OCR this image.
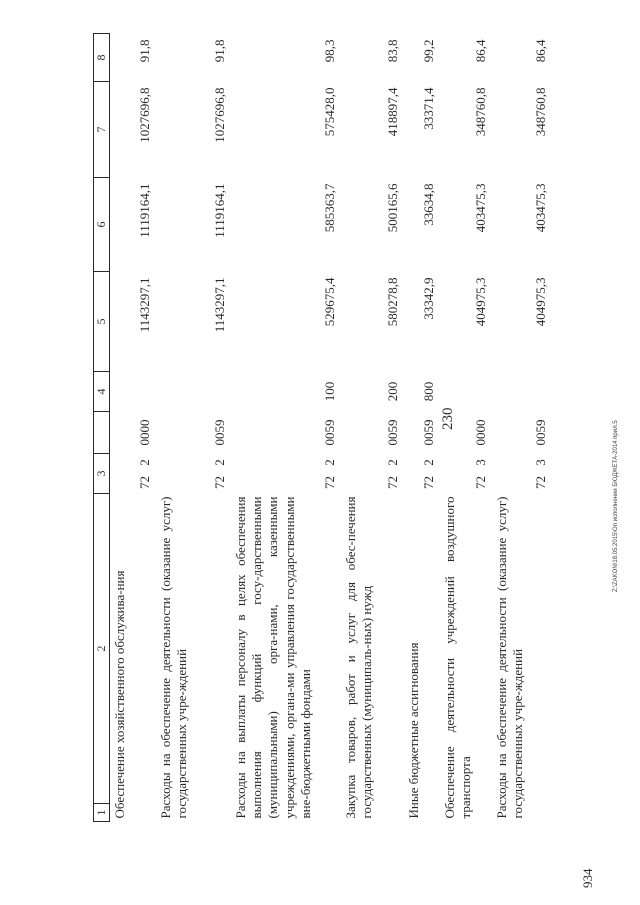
230
1	2	3			4	5	6	7	8
Обеспечение хозяйственного обслужива-ния		72	2	0000		1143297,1	1119164,1	1027696,8	91,8
Расходы на обеспечение деятельности (оказание услуг) государственных учре-ждений		72	2	0059		1143297,1	1119164,1	1027696,8	91,8
Расходы на выплаты персоналу в целях обеспечения выполнения функций госу-дарственными (муниципальными) орга-нами, казенными учреждениями, органа-ми управления государственными вне-бюджетными фондами		72	2	0059	100	529675,4	585363,7	575428,0	98,3
Закупка товаров, работ и услуг для обес-печения государственных (муниципаль-ных) нужд		72	2	0059	200	580278,8	500165,6	418897,4	83,8
Иные бюджетные ассигнования		72	2	0059	800	33342,9	33634,8	33371,4	99,2
Обеспечение деятельности учреждений воздушного транспорта		72	3	0000		404975,3	403475,3	348760,8	86,4
Расходы на обеспечение деятельности (оказание услуг) государственных учре-ждений		72	3	0059		404975,3	403475,3	348760,8	86,4
Z:\ZAKON\18.05.2015\On исполнении БЮДЖЕТА-2014 прил.5
934
